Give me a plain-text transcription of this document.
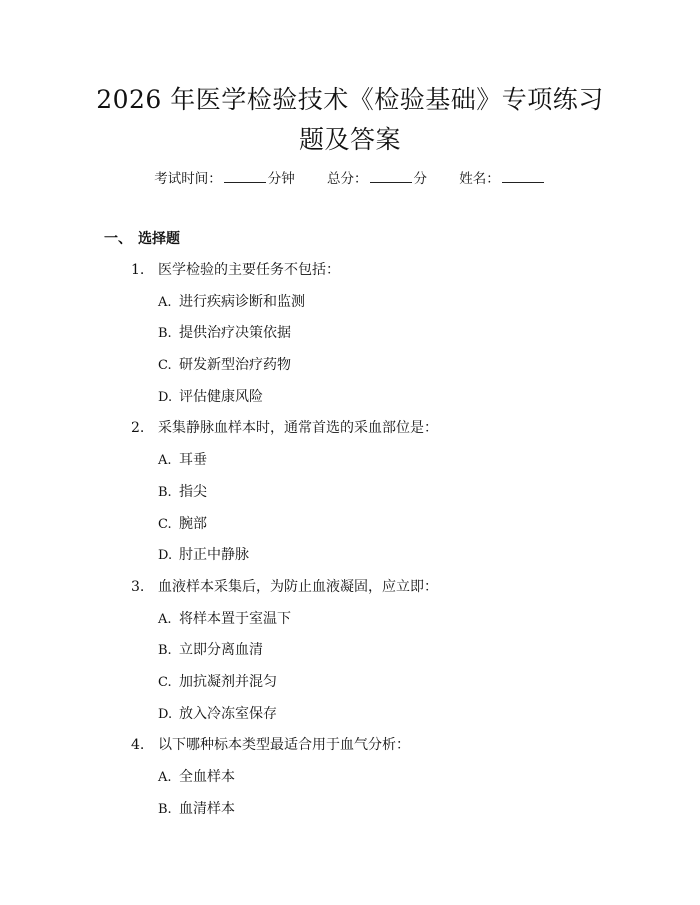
2026 年医学检验技术《检验基础》专项练习
题及答案
考试时间：	分钟 总分：	分 姓名：
一、 选择题
1. 医学检验的主要任务不包括：
A. 进行疾病诊断和监测
B. 提供治疗决策依据
C. 研发新型治疗药物
D. 评估健康风险
2. 采集静脉血样本时，通常首选的采血部位是：
A. 耳垂
B. 指尖
C. 腕部
D. 肘正中静脉
3. 血液样本采集后，为防止血液凝固，应立即：
A. 将样本置于室温下
B. 立即分离血清
C. 加抗凝剂并混匀
D. 放入冷冻室保存
4. 以下哪种标本类型最适合用于血气分析：
A. 全血样本
B. 血清样本
